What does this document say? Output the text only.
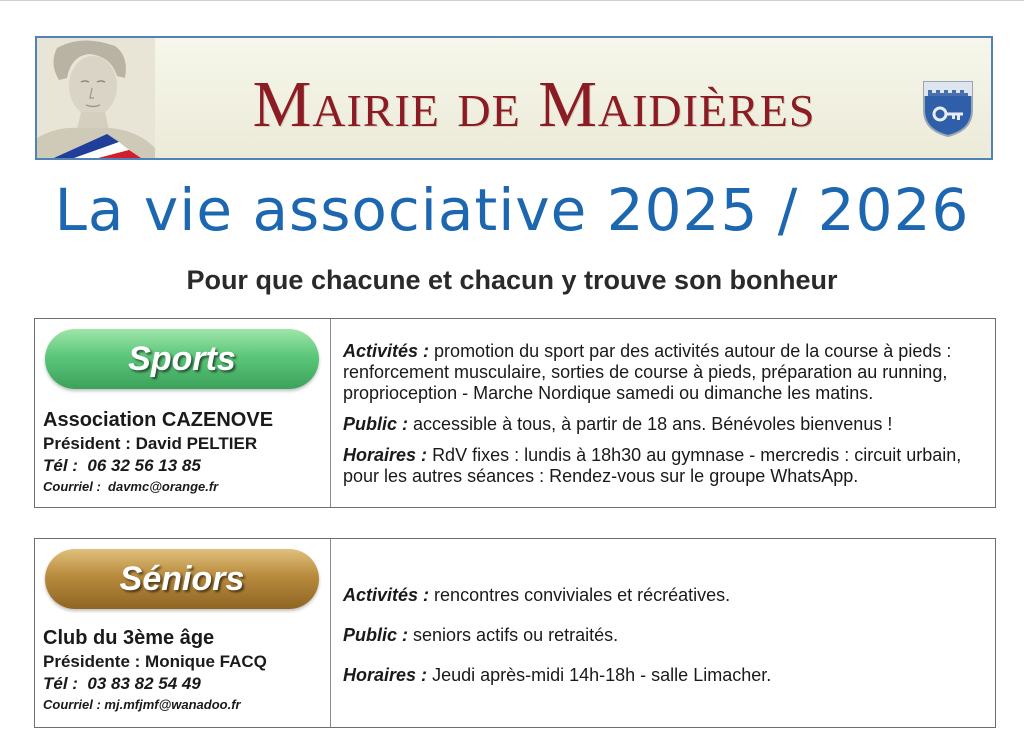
Mairie de Maidières
La vie associative 2025 / 2026
Pour que chacune et chacun y trouve son bonheur
Sports
Association CAZENOVE
Président : David PELTIER
Tél : 06 32 56 13 85
Courriel : davmc@orange.fr

Activités : promotion du sport par des activités autour de la course à pieds : renforcement musculaire, sorties de course à pieds, préparation au running, proprioception - Marche Nordique samedi ou dimanche les matins.

Public : accessible à tous, à partir de 18 ans. Bénévoles bienvenus !

Horaires : RdV fixes : lundis à 18h30 au gymnase - mercredis : circuit urbain, pour les autres séances : Rendez-vous sur le groupe WhatsApp.

Séniors
Club du 3ème âge
Présidente : Monique FACQ
Tél : 03 83 82 54 49
Courriel : mj.mfjmf@wanadoo.fr

Activités : rencontres conviviales et récréatives.

Public : seniors actifs ou retraités.

Horaires : Jeudi après-midi 14h-18h - salle Limacher.
